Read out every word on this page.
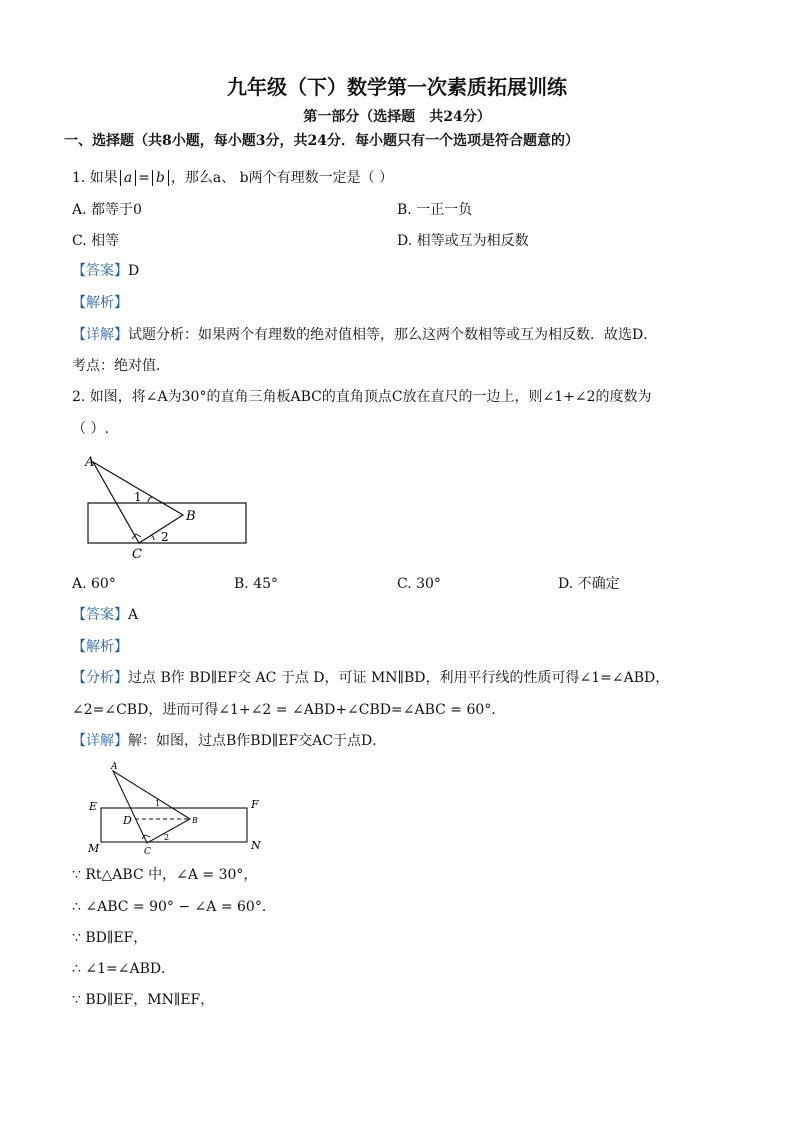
九年级（下）数学第一次素质拓展训练
第一部分（选择题　共24分）
一、选择题（共8小题，每小题3分，共24分．每小题只有一个选项是符合题意的）
1. 如果 a = b ，那么a、 b两个有理数一定是（ ）
A. 都等于0	B. 一正一负
C. 相等	D. 相等或互为相反数
【答案】D
【解析】
【详解】试题分析：如果两个有理数的绝对值相等，那么这两个数相等或互为相反数．故选D．
考点：绝对值．
2. 如图，将∠A为30°的直角三角板ABC的直角顶点C放在直尺的一边上，则∠1+∠2的度数为
（ ）.
A
B
C
1
2
A. 60°	B. 45°	C. 30°	D. 不确定
【答案】A
【解析】
【分析】过点 B作 BD∥EF交 AC 于点 D，可证 MN∥BD，利用平行线的性质可得∠1=∠ABD，
∠2=∠CBD，进而可得∠1+∠2 = ∠ABD+∠CBD=∠ABC = 60°．
【详解】解：如图，过点B作BD∥EF交AC于点D．
A
B
C
D
E	F
M	N
1
2
∵ Rt△ABC 中，∠A = 30°，
∴ ∠ABC = 90° − ∠A = 60°．
∵ BD∥EF，
∴ ∠1=∠ABD．
∵ BD∥EF，MN∥EF，
